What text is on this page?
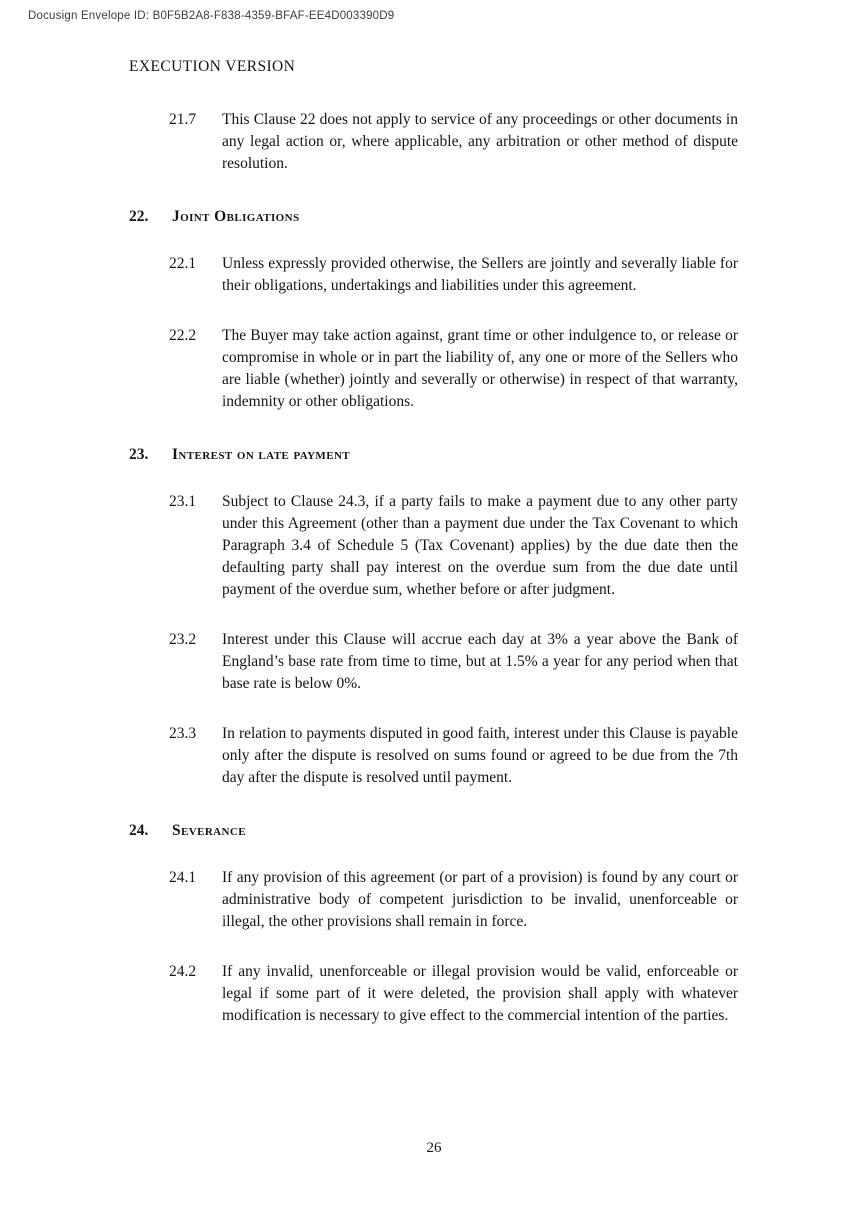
Docusign Envelope ID: B0F5B2A8-F838-4359-BFAF-EE4D003390D9
EXECUTION VERSION
21.7	This Clause 22 does not apply to service of any proceedings or other documents in any legal action or, where applicable, any arbitration or other method of dispute resolution.
22.	Joint Obligations
22.1	Unless expressly provided otherwise, the Sellers are jointly and severally liable for their obligations, undertakings and liabilities under this agreement.
22.2	The Buyer may take action against, grant time or other indulgence to, or release or compromise in whole or in part the liability of, any one or more of the Sellers who are liable (whether) jointly and severally or otherwise) in respect of that warranty, indemnity or other obligations.
23.	Interest on late payment
23.1	Subject to Clause 24.3, if a party fails to make a payment due to any other party under this Agreement (other than a payment due under the Tax Covenant to which Paragraph 3.4 of Schedule 5 (Tax Covenant) applies) by the due date then the defaulting party shall pay interest on the overdue sum from the due date until payment of the overdue sum, whether before or after judgment.
23.2	Interest under this Clause will accrue each day at 3% a year above the Bank of England’s base rate from time to time, but at 1.5% a year for any period when that base rate is below 0%.
23.3	In relation to payments disputed in good faith, interest under this Clause is payable only after the dispute is resolved on sums found or agreed to be due from the 7th day after the dispute is resolved until payment.
24.	Severance
24.1	If any provision of this agreement (or part of a provision) is found by any court or administrative body of competent jurisdiction to be invalid, unenforceable or illegal, the other provisions shall remain in force.
24.2	If any invalid, unenforceable or illegal provision would be valid, enforceable or legal if some part of it were deleted, the provision shall apply with whatever modification is necessary to give effect to the commercial intention of the parties.
26
